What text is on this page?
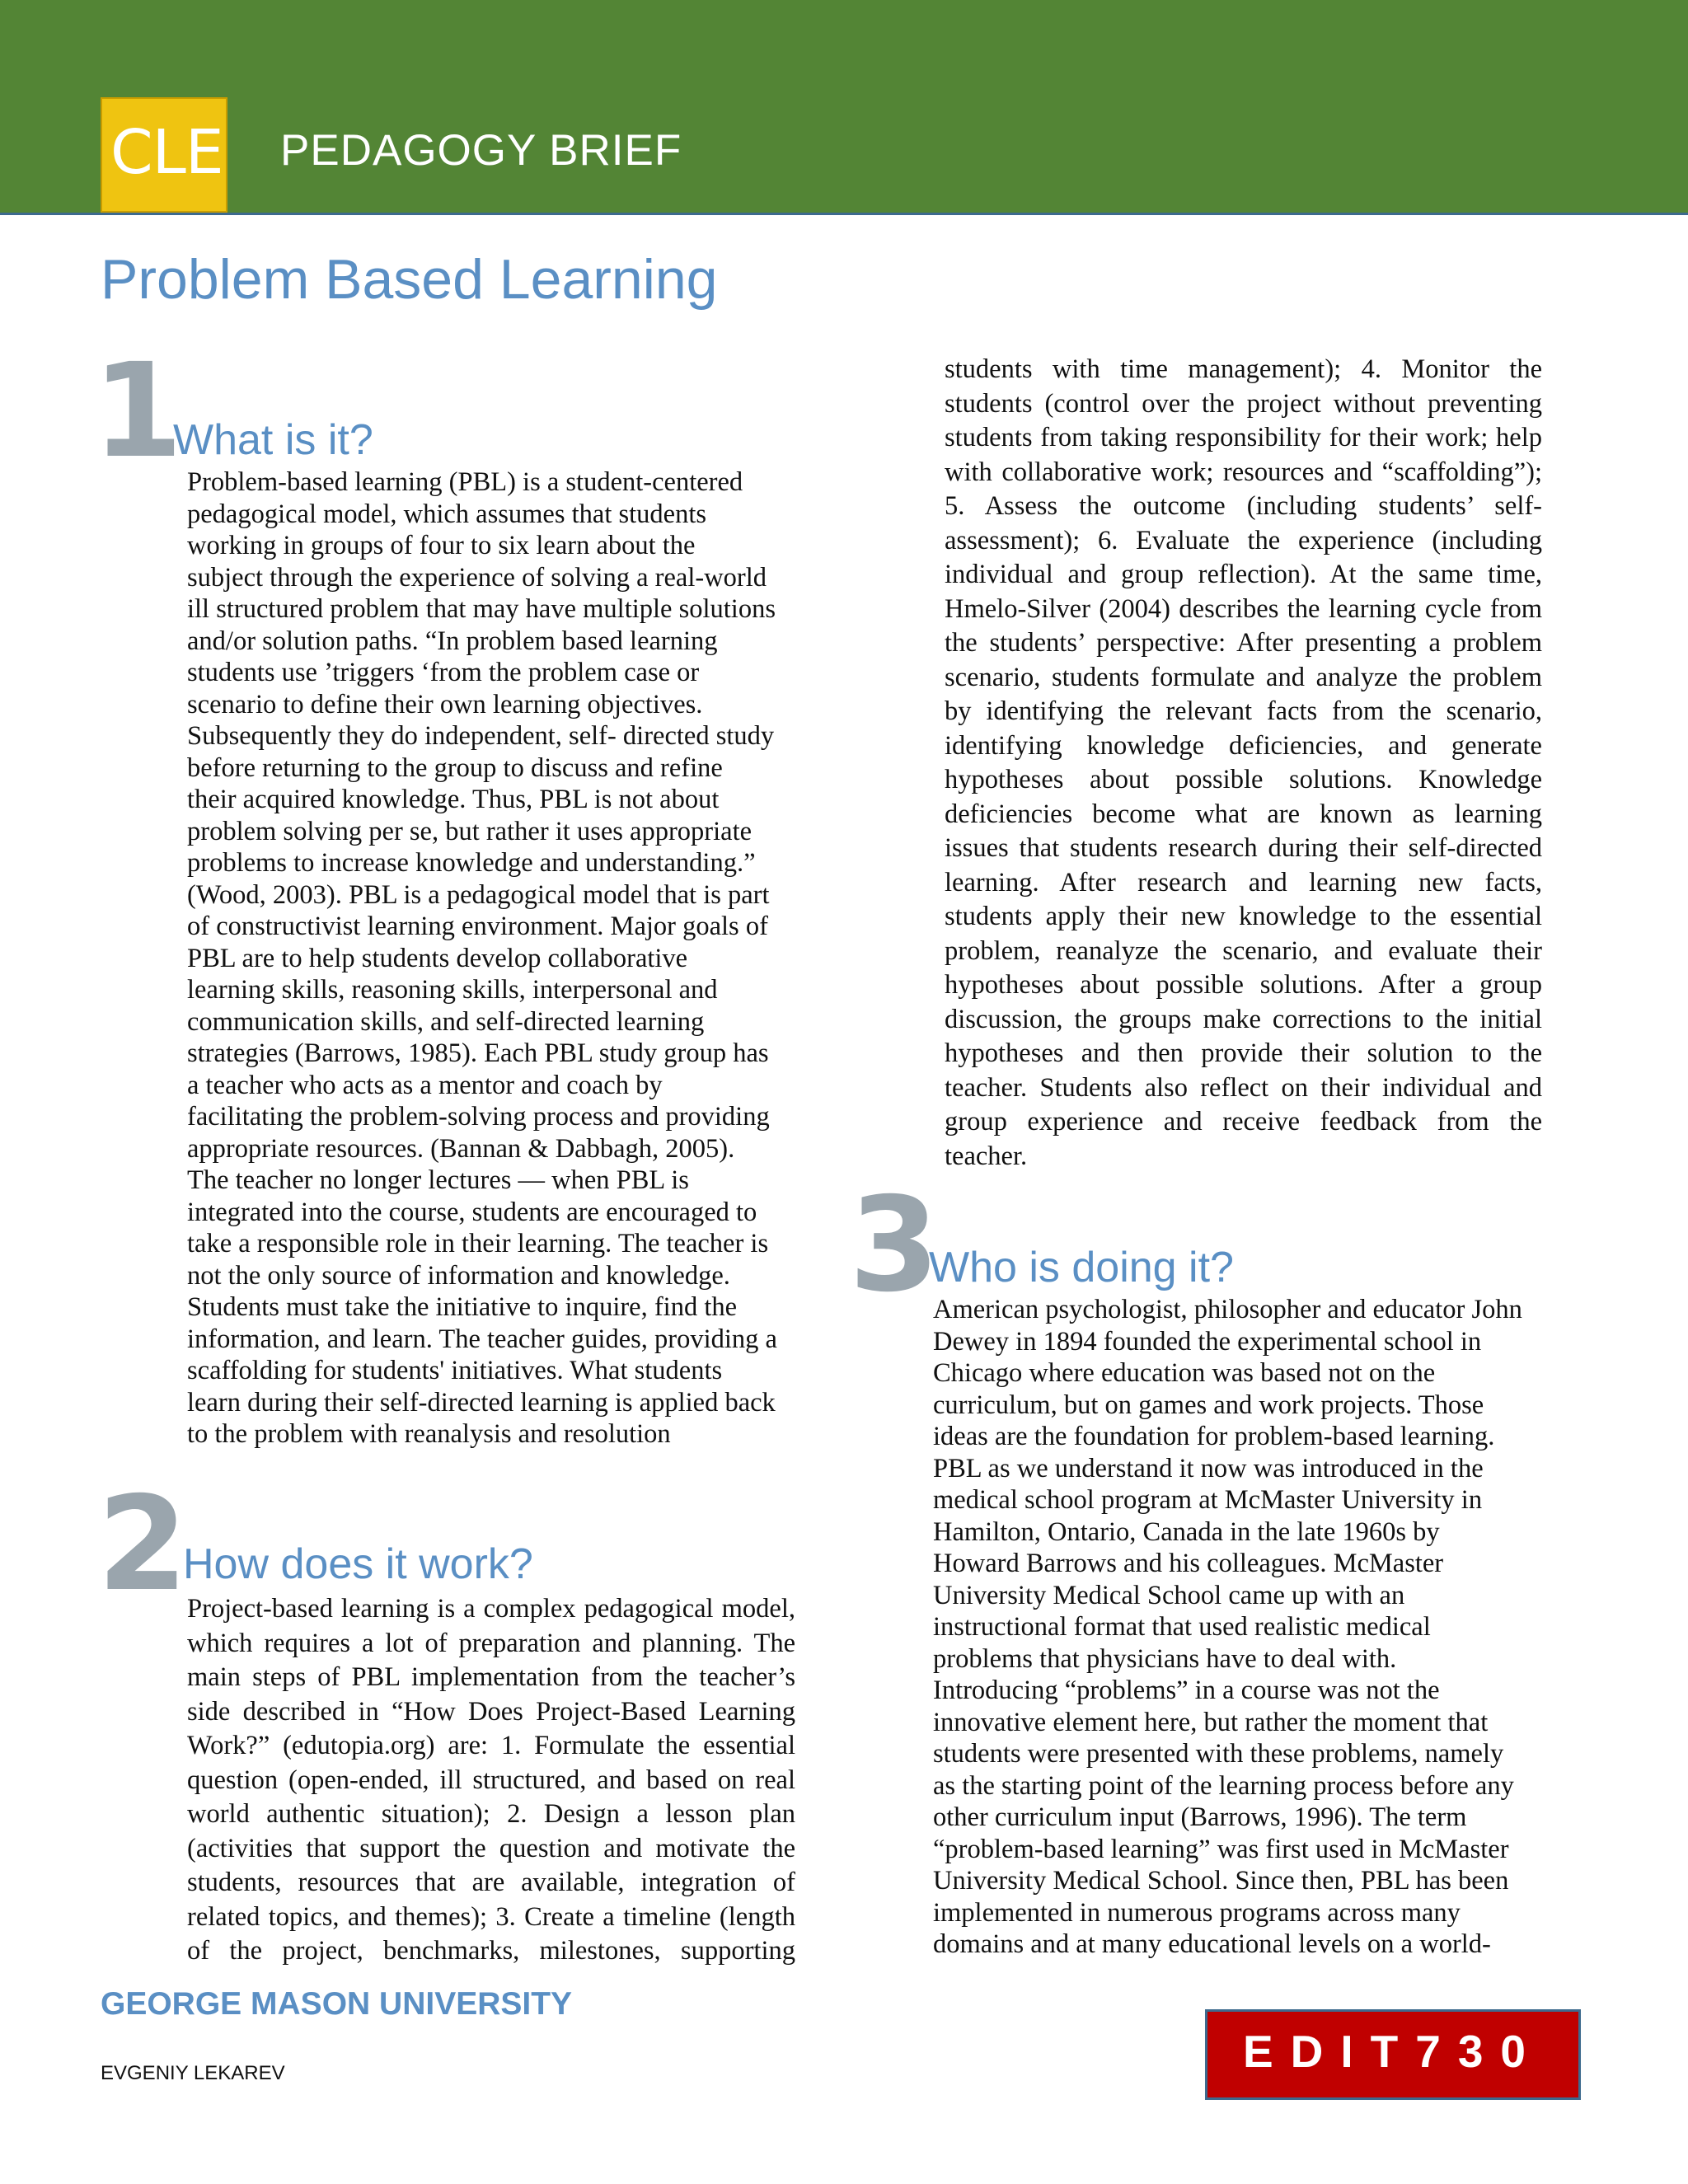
CLE PEDAGOGY BRIEF
Problem Based Learning
1
What is it?
Problem-based learning (PBL) is a student-centered
pedagogical model, which assumes that students
working in groups of four to six learn about the
subject through the experience of solving a real-world
ill structured problem that may have multiple solutions
and/or solution paths. “In problem based learning
students use ’triggers ‘from the problem case or
scenario to define their own learning objectives.
Subsequently they do independent, self- directed study
before returning to the group to discuss and refine
their acquired knowledge. Thus, PBL is not about
problem solving per se, but rather it uses appropriate
problems to increase knowledge and understanding.”
(Wood, 2003). PBL is a pedagogical model that is part
of constructivist learning environment. Major goals of
PBL are to help students develop collaborative
learning skills, reasoning skills, interpersonal and
communication skills, and self-directed learning
strategies (Barrows, 1985). Each PBL study group has
a teacher who acts as a mentor and coach by
facilitating the problem-solving process and providing
appropriate resources. (Bannan & Dabbagh, 2005).
The teacher no longer lectures — when PBL is
integrated into the course, students are encouraged to
take a responsible role in their learning. The teacher is
not the only source of information and knowledge.
Students must take the initiative to inquire, find the
information, and learn. The teacher guides, providing a
scaffolding for students' initiatives. What students
learn during their self-directed learning is applied back
to the problem with reanalysis and resolution
2 How does it work?
Project-based learning is a complex pedagogical model,
which requires a lot of preparation and planning. The
main steps of PBL implementation from the teacher’s
side described in “How Does Project-Based Learning
Work?” (edutopia.org) are: 1. Formulate the essential
question (open-ended, ill structured, and based on real
world authentic situation); 2. Design a lesson plan
(activities that support the question and motivate the
students, resources that are available, integration of
related topics, and themes); 3. Create a timeline (length
of the project, benchmarks, milestones, supporting
students with time management); 4. Monitor the
students (control over the project without preventing
students from taking responsibility for their work; help
with collaborative work; resources and “scaffolding”);
5. Assess the outcome (including students’ self-
assessment); 6. Evaluate the experience (including
individual and group reflection). At the same time,
Hmelo-Silver (2004) describes the learning cycle from
the students’ perspective: After presenting a problem
scenario, students formulate and analyze the problem
by identifying the relevant facts from the scenario,
identifying knowledge deficiencies, and generate
hypotheses about possible solutions. Knowledge
deficiencies become what are known as learning
issues that students research during their self-directed
learning. After research and learning new facts,
students apply their new knowledge to the essential
problem, reanalyze the scenario, and evaluate their
hypotheses about possible solutions. After a group
discussion, the groups make corrections to the initial
hypotheses and then provide their solution to the
teacher. Students also reflect on their individual and
group experience and receive feedback from the
teacher.
3
Who is doing it?
American psychologist, philosopher and educator John
Dewey in 1894 founded the experimental school in
Chicago where education was based not on the
curriculum, but on games and work projects. Those
ideas are the foundation for problem-based learning.
PBL as we understand it now was introduced in the
medical school program at McMaster University in
Hamilton, Ontario, Canada in the late 1960s by
Howard Barrows and his colleagues. McMaster
University Medical School came up with an
instructional format that used realistic medical
problems that physicians have to deal with.
Introducing “problems” in a course was not the
innovative element here, but rather the moment that
students were presented with these problems, namely
as the starting point of the learning process before any
other curriculum input (Barrows, 1996). The term
“problem-based learning” was first used in McMaster
University Medical School. Since then, PBL has been
implemented in numerous programs across many
domains and at many educational levels on a world-
GEORGE MASON UNIVERSITY
EVGENIY LEKAREV	EDIT730
